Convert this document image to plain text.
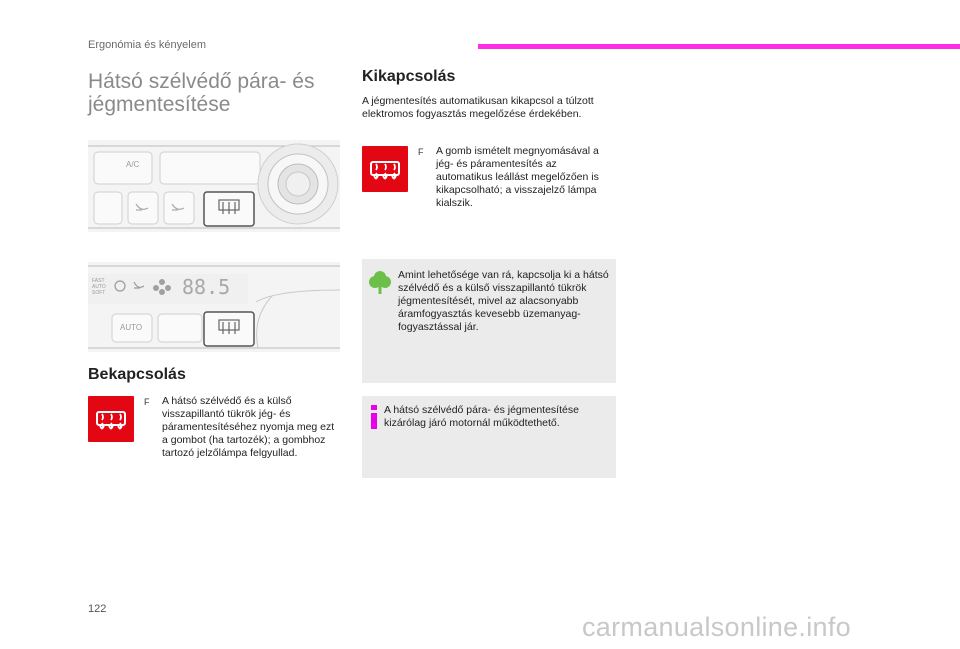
Ergonómia és kényelem
Hátsó szélvédő pára- és jégmentesítése
A/C
FAST AUTO SOFT	88.5
AUTO
Bekapcsolás
F A hátsó szélvédő és a külső visszapillantó tükrök jég- és páramentesítéséhez nyomja meg ezt a gombot (ha tartozék); a gombhoz tartozó jelzőlámpa felgyullad.
Kikapcsolás
A jégmentesítés automatikusan kikapcsol a túlzott elektromos fogyasztás megelőzése érdekében.
F A gomb ismételt megnyomásával a jég- és páramentesítés az automatikus leállást megelőzően is kikapcsolható; a visszajelző lámpa kialszik.
Amint lehetősége van rá, kapcsolja ki a hátsó szélvédő és a külső visszapillantó tükrök jégmentesítését, mivel az alacsonyabb áramfogyasztás kevesebb üzemanyag-fogyasztással jár.
A hátsó szélvédő pára- és jégmentesítése kizárólag járó motornál működtethető.
122
carmanualsonline.info
